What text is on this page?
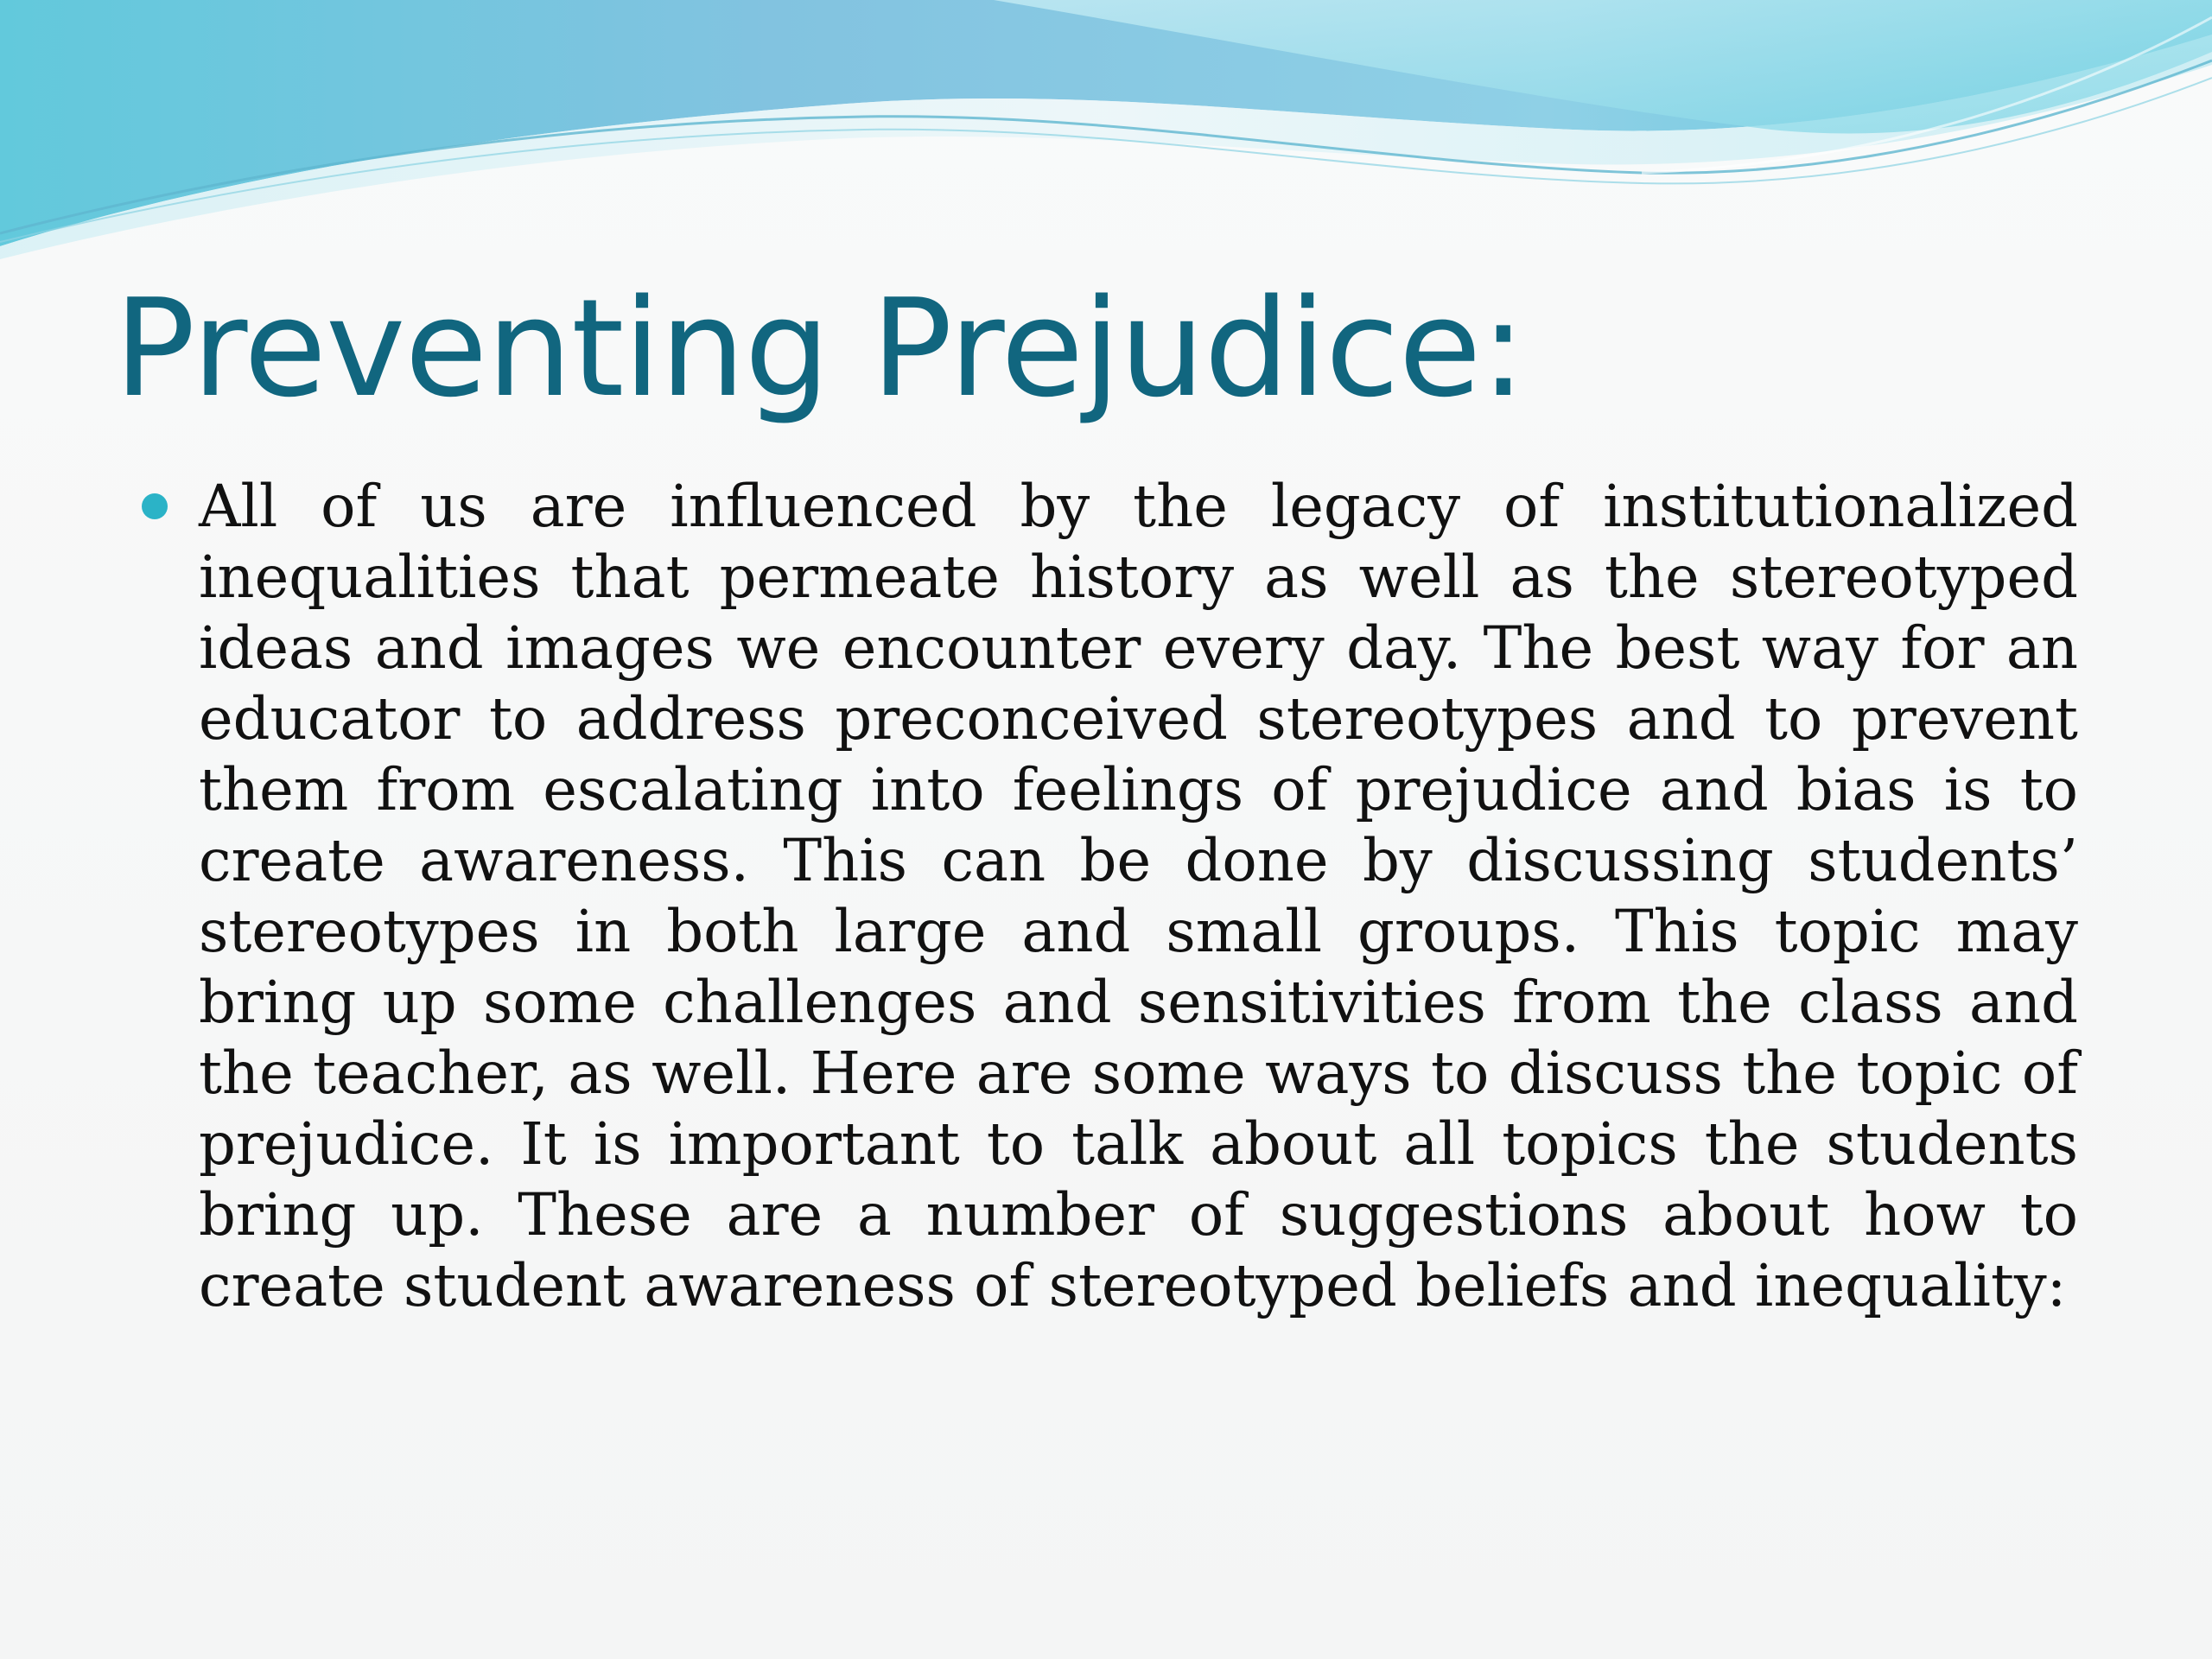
Preventing Prejudice:

All of us are influenced by the legacy of institutionalized inequalities that permeate history as well as the stereotyped ideas and images we encounter every day. The best way for an educator to address preconceived stereotypes and to prevent them from escalating into feelings of prejudice and bias is to create awareness. This can be done by discussing students’ stereotypes in both large and small groups. This topic may bring up some challenges and sensitivities from the class and the teacher, as well. Here are some ways to discuss the topic of prejudice. It is important to talk about all topics the students bring up. These are a number of suggestions about how to create student awareness of stereotyped beliefs and inequality:
